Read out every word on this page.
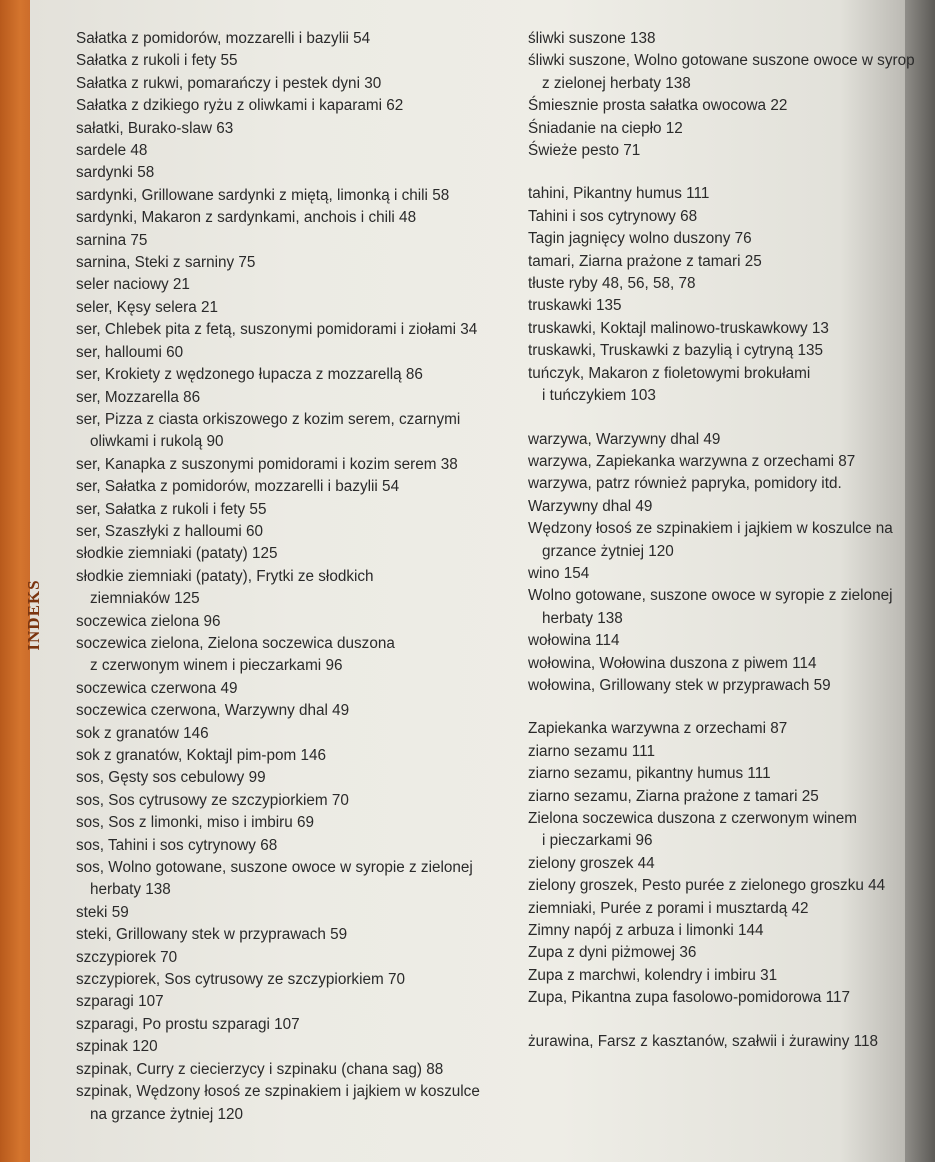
INDEKS
Sałatka z pomidorów, mozzarelli i bazylii 54
Sałatka z rukoli i fety 55
Sałatka z rukwi, pomarańczy i pestek dyni 30
Sałatka z dzikiego ryżu z oliwkami i kaparami 62
sałatki, Burako-slaw 63
sardele 48
sardynki 58
sardynki, Grillowane sardynki z miętą, limonką i chili 58
sardynki, Makaron z sardynkami, anchois i chili 48
sarnina 75
sarnina, Steki z sarniny 75
seler naciowy 21
seler, Kęsy selera 21
ser, Chlebek pita z fetą, suszonymi pomidorami i ziołami 34
ser, halloumi 60
ser, Krokiety z wędzonego łupacza z mozzarellą 86
ser, Mozzarella 86
ser, Pizza z ciasta orkiszowego z kozim serem, czarnymi
oliwkami i rukolą 90
ser, Kanapka z suszonymi pomidorami i kozim serem 38
ser, Sałatka z pomidorów, mozzarelli i bazylii 54
ser, Sałatka z rukoli i fety 55
ser, Szaszłyki z halloumi 60
słodkie ziemniaki (pataty) 125
słodkie ziemniaki (pataty), Frytki ze słodkich
ziemniaków 125
soczewica zielona 96
soczewica zielona, Zielona soczewica duszona
z czerwonym winem i pieczarkami 96
soczewica czerwona 49
soczewica czerwona, Warzywny dhal 49
sok z granatów 146
sok z granatów, Koktajl pim-pom 146
sos, Gęsty sos cebulowy 99
sos, Sos cytrusowy ze szczypiorkiem 70
sos, Sos z limonki, miso i imbiru 69
sos, Tahini i sos cytrynowy 68
sos, Wolno gotowane, suszone owoce w syropie z zielonej
herbaty 138
steki 59
steki, Grillowany stek w przyprawach 59
szczypiorek 70
szczypiorek, Sos cytrusowy ze szczypiorkiem 70
szparagi 107
szparagi, Po prostu szparagi 107
szpinak 120
szpinak, Curry z ciecierzycy i szpinaku (chana sag) 88
szpinak, Wędzony łosoś ze szpinakiem i jajkiem w koszulce
na grzance żytniej 120
śliwki suszone 138
śliwki suszone, Wolno gotowane suszone owoce w syrop
z zielonej herbaty 138
Śmiesznie prosta sałatka owocowa 22
Śniadanie na ciepło 12
Świeże pesto 71
tahini, Pikantny humus 111
Tahini i sos cytrynowy 68
Tagin jagnięcy wolno duszony 76
tamari, Ziarna prażone z tamari 25
tłuste ryby 48, 56, 58, 78
truskawki 135
truskawki, Koktajl malinowo-truskawkowy 13
truskawki, Truskawki z bazylią i cytryną 135
tuńczyk, Makaron z fioletowymi brokułami
i tuńczykiem 103
warzywa, Warzywny dhal 49
warzywa, Zapiekanka warzywna z orzechami 87
warzywa, patrz również papryka, pomidory itd.
Warzywny dhal 49
Wędzony łosoś ze szpinakiem i jajkiem w koszulce na
grzance żytniej 120
wino 154
Wolno gotowane, suszone owoce w syropie z zielonej
herbaty 138
wołowina 114
wołowina, Wołowina duszona z piwem 114
wołowina, Grillowany stek w przyprawach 59
Zapiekanka warzywna z orzechami 87
ziarno sezamu 111
ziarno sezamu, pikantny humus 111
ziarno sezamu, Ziarna prażone z tamari 25
Zielona soczewica duszona z czerwonym winem
i pieczarkami 96
zielony groszek 44
zielony groszek, Pesto purée z zielonego groszku 44
ziemniaki, Purée z porami i musztardą 42
Zimny napój z arbuza i limonki 144
Zupa z dyni piżmowej 36
Zupa z marchwi, kolendry i imbiru 31
Zupa, Pikantna zupa fasolowo-pomidorowa 117
żurawina, Farsz z kasztanów, szałwii i żurawiny 118
